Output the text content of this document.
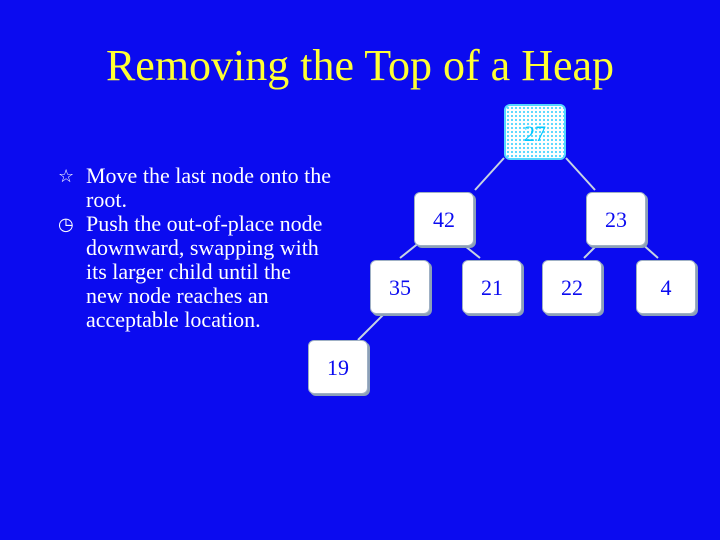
Removing the Top of a Heap

☆ Move the last node onto the root.

◷ Push the out-of-place node downward, swapping with its larger child until the new node reaches an acceptable location.

27
42	23
35	21	22	4
19
